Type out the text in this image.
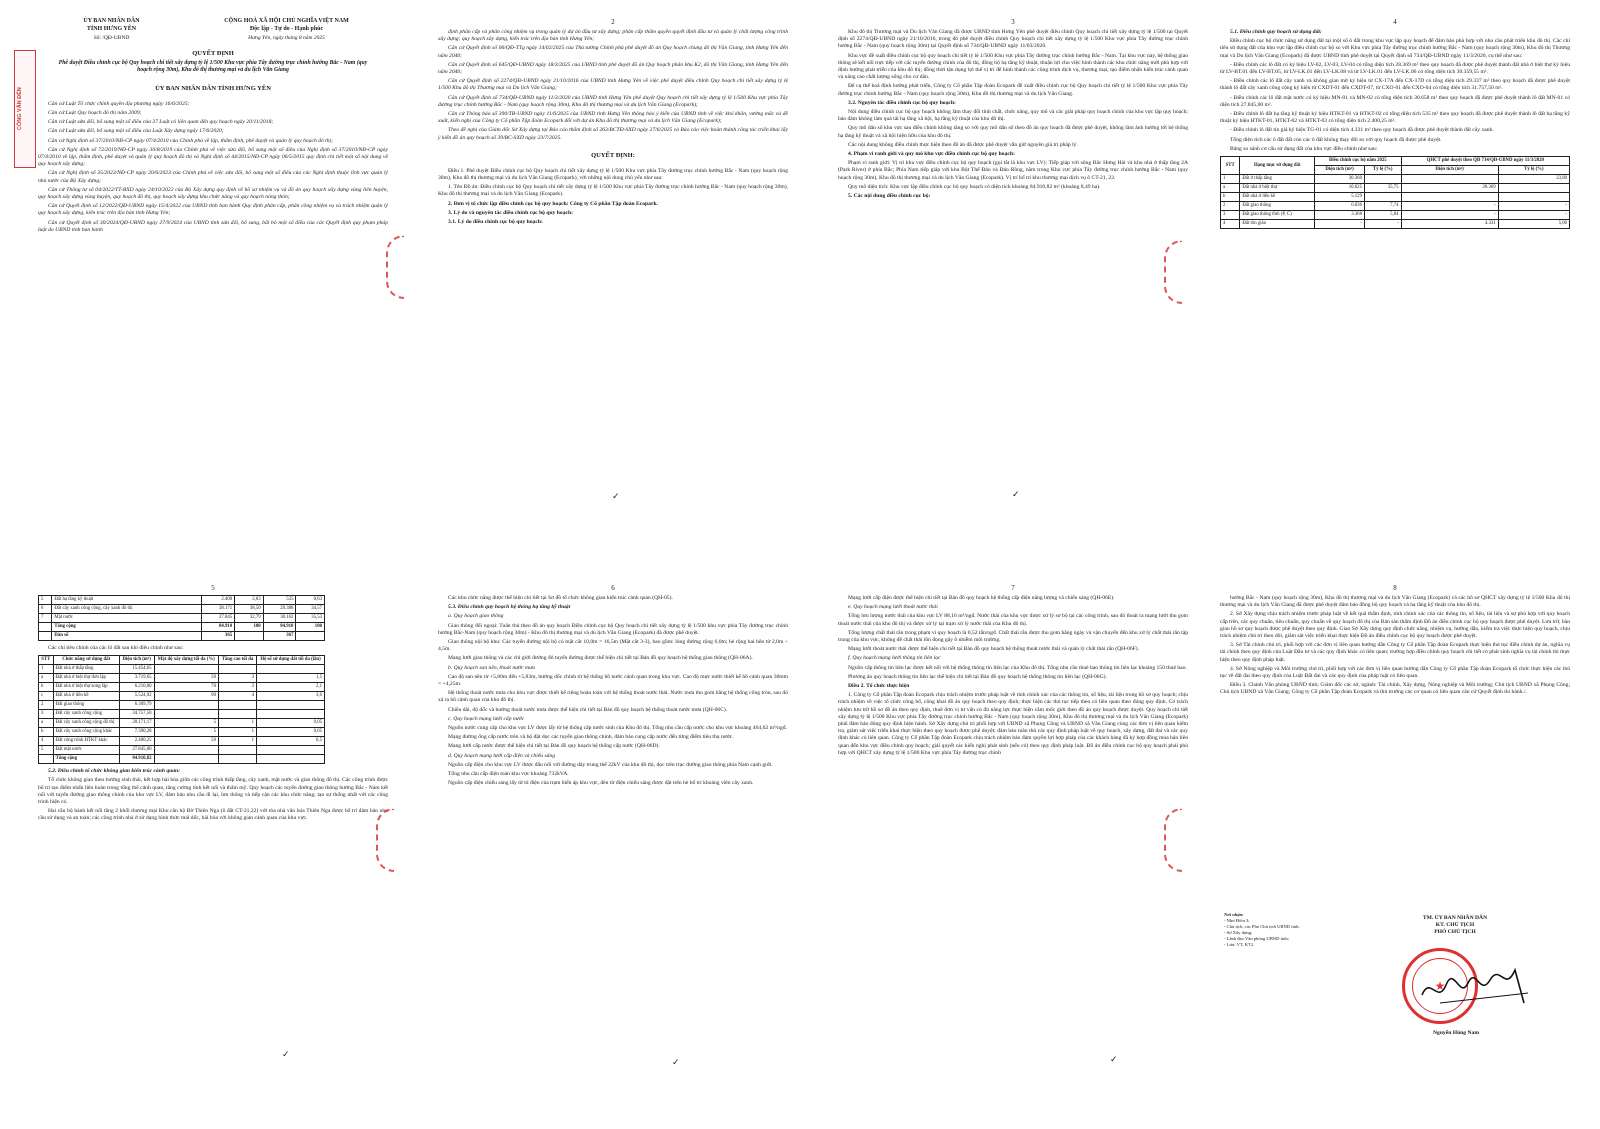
ỦY BAN NHÂN DÂN
TỈNH HƯNG YÊN
CỘNG HOÀ XÃ HỘI CHỦ NGHĨA VIỆT NAM
Độc lập - Tự do - Hạnh phúc
Số: /QĐ-UBND	Hưng Yên, ngày tháng 8 năm 2025
QUYẾT ĐỊNH
Phê duyệt Điều chỉnh cục bộ Quy hoạch chi tiết xây dựng tỷ lệ 1/500 Khu vực phía Tây đường trục chính hướng Bắc - Nam (quy hoạch rộng 30m), Khu đô thị thương mại và du lịch Văn Giang
ỦY BAN NHÂN DÂN TỈNH HƯNG YÊN

Căn cứ Luật Tổ chức chính quyền địa phương ngày 16/6/2025;

Căn cứ Luật Quy hoạch đô thị năm 2009;

Căn cứ Luật sửa đổi, bổ sung một số điều của 37 Luật có liên quan đến quy hoạch ngày 20/11/2018;

Căn cứ Luật sửa đổi, bổ sung một số điều của Luật Xây dựng ngày 17/6/2020;

Căn cứ Nghị định số 37/2010/NĐ-CP ngày 07/4/2010 của Chính phủ về lập, thẩm định, phê duyệt và quản lý quy hoạch đô thị;

Căn cứ Nghị định số 72/2019/NĐ-CP ngày 30/8/2019 của Chính phủ về việc sửa đổi, bổ sung một số điều của Nghị định số 37/2010/NĐ-CP ngày 07/4/2010 về lập, thẩm định, phê duyệt và quản lý quy hoạch đô thị và Nghị định số 44/2015/NĐ-CP ngày 06/5/2015 quy định chi tiết một số nội dung về quy hoạch xây dựng;

Căn cứ Nghị định số 35/2023/NĐ-CP ngày 20/6/2023 của Chính phủ về việc sửa đổi, bổ sung một số điều của các Nghị định thuộc lĩnh vực quản lý nhà nước của Bộ Xây dựng;

Căn cứ Thông tư số 04/2022/TT-BXD ngày 24/10/2022 của Bộ Xây dựng quy định về hồ sơ nhiệm vụ và đồ án quy hoạch xây dựng vùng liên huyện, quy hoạch xây dựng vùng huyện, quy hoạch đô thị, quy hoạch xây dựng khu chức năng và quy hoạch nông thôn;

Căn cứ Quyết định số 12/2022/QĐ-UBND ngày 15/4/2022 của UBND tỉnh ban hành Quy định phân cấp, phân công nhiệm vụ và trách nhiệm quản lý quy hoạch xây dựng, kiến trúc trên địa bàn tỉnh Hưng Yên;

Căn cứ Quyết định số 30/2024/QĐ-UBND ngày 27/9/2024 của UBND tỉnh sửa đổi, bổ sung, bãi bỏ một số điều của các Quyết định quy phạm pháp luật do UBND tỉnh ban hành

2

định phân cấp và phân công nhiệm vụ trong quản lý dự án đầu tư xây dựng; phân cấp thẩm quyền quyết định đầu tư và quản lý chất lượng công trình xây dựng; quy hoạch xây dựng, kiến trúc trên địa bàn tỉnh Hưng Yên;

Căn cứ Quyết định số 06/QĐ-TTg ngày 14/02/2025 của Thủ tướng Chính phủ phê duyệt đồ án Quy hoạch chung đô thị Văn Giang, tỉnh Hưng Yên đến năm 2040;

Căn cứ Quyết định số 645/QĐ-UBND ngày 18/3/2025 của UBND tỉnh phê duyệt đồ án Quy hoạch phân khu K2, đô thị Văn Giang, tỉnh Hưng Yên đến năm 2040;

Căn cứ Quyết định số 2274/QĐ-UBND ngày 21/10/2016 của UBND tỉnh Hưng Yên về việc phê duyệt điều chỉnh Quy hoạch chi tiết xây dựng tỷ lệ 1/500 Khu đô thị Thương mại và Du lịch Văn Giang;

Căn cứ Quyết định số 734/QĐ-UBND ngày 11/3/2020 của UBND tỉnh Hưng Yên phê duyệt Quy hoạch chi tiết xây dựng tỷ lệ 1/500 Khu vực phía Tây đường trục chính hướng Bắc - Nam (quy hoạch rộng 30m), Khu đô thị thương mại và du lịch Văn Giang (Ecopark);

Căn cứ Thông báo số 390/TB-UBND ngày 11/6/2025 của UBND tỉnh Hưng Yên thông báo ý kiến của UBND tỉnh về việc khó khăn, vướng mắc và đề xuất, kiến nghị của Công ty Cổ phần Tập đoàn Ecopark đối với dự án Khu đô thị thương mại và du lịch Văn Giang (Ecopark);

Theo đề nghị của Giám đốc Sở Xây dựng tại Báo cáo thẩm định số 263/BCTĐ-SXD ngày 27/6/2025 và Báo cáo việc hoàn thành công tác triển khai lấy ý kiến đồ án quy hoạch số 39/BC-SXD ngày 23/7/2025.

QUYẾT ĐỊNH:

Điều 1. Phê duyệt Điều chỉnh cục bộ Quy hoạch chi tiết xây dựng tỷ lệ 1/500 Khu vực phía Tây đường trục chính hướng Bắc - Nam (quy hoạch rộng 30m), Khu đô thị thương mại và du lịch Văn Giang (Ecopark), với những nội dung chủ yếu như sau:

1. Tên Đồ án: Điều chỉnh cục bộ Quy hoạch chi tiết xây dựng tỷ lệ 1/500 Khu vực phía Tây đường trục chính hướng Bắc - Nam (quy hoạch rộng 30m), Khu đô thị thương mại và du lịch Văn Giang (Ecopark).

2. Đơn vị tổ chức lập điều chỉnh cục bộ quy hoạch: Công ty Cổ phần Tập đoàn Ecopark.

3. Lý do và nguyên tắc điều chỉnh cục bộ quy hoạch:

3.1. Lý do điều chỉnh cục bộ quy hoạch:

3

Khu đô thị Thương mại và Du lịch Văn Giang đã được UBND tỉnh Hưng Yên phê duyệt điều chỉnh Quy hoạch chi tiết xây dựng tỷ lệ 1/500 tại Quyết định số 2274/QĐ-UBND ngày 21/10/2016, trong đó phê duyệt điều chỉnh Quy hoạch chi tiết xây dựng tỷ lệ 1/500 Khu vực phía Tây đường trục chính hướng Bắc - Nam (quy hoạch rộng 30m) tại Quyết định số 734/QĐ-UBND ngày 11/03/2020.

Khu vực đề xuất điều chỉnh cục bộ quy hoạch chi tiết tỷ lệ 1/500 Khu vực phía Tây đường trục chính hướng Bắc - Nam. Tại khu vực này, hệ thống giao thông sẽ kết nối trực tiếp với các tuyến đường chính của đô thị, đồng bộ hạ tầng kỹ thuật, thuận lợi cho việc hình thành các khu chức năng mới phù hợp với định hướng phát triển của khu đô thị; đồng thời tận dụng lợi thế vị trí để hình thành các công trình dịch vụ, thương mại, tạo điểm nhấn kiến trúc cảnh quan và nâng cao chất lượng sống cho cư dân.

Để cụ thể hoá định hướng phát triển, Công ty Cổ phần Tập đoàn Ecopark đề xuất điều chỉnh cục bộ Quy hoạch chi tiết tỷ lệ 1/500 Khu vực phía Tây đường trục chính hướng Bắc - Nam (quy hoạch rộng 30m), Khu đô thị thương mại và du lịch Văn Giang.

3.2. Nguyên tắc điều chỉnh cục bộ quy hoạch:

Nội dung điều chỉnh cục bộ quy hoạch không làm thay đổi tính chất, chức năng, quy mô và các giải pháp quy hoạch chính của khu vực lập quy hoạch; bảo đảm không làm quá tải hạ tầng xã hội, hạ tầng kỹ thuật của khu đô thị.

Quy mô dân số khu vực sau điều chỉnh không tăng so với quy mô dân số theo đồ án quy hoạch đã được phê duyệt, không làm ảnh hưởng tới hệ thống hạ tầng kỹ thuật và xã hội hiện hữu của khu đô thị.

Các nội dung không điều chỉnh thực hiện theo đồ án đã được phê duyệt vẫn giữ nguyên giá trị pháp lý.

4. Phạm vi ranh giới và quy mô khu vực điều chỉnh cục bộ quy hoạch:

Phạm vi ranh giới: Vị trí khu vực điều chỉnh cục bộ quy hoạch (gọi tắt là khu vực LV): Tiếp giáp với sông Bắc Hưng Hải và khu nhà ở thấp tầng 2A (Park River) ở phía Bắc; Phía Nam tiếp giáp với khu Bột Thế Đảo và Đảo Rồng, nằm trong Khu vực phía Tây đường trục chính hướng Bắc - Nam (quy hoạch rộng 30m), Khu đô thị thương mại và du lịch Văn Giang (Ecopark). Vị trí bố trí khu thương mại dịch vụ ô CT-21, 22.

Quy mô diện tích: Khu vực lập điều chỉnh cục bộ quy hoạch có diện tích khoảng 84.910,82 m² (khoảng 8,49 ha).

5. Các nội dung điều chỉnh cục bộ:

4

5.1. Điều chỉnh quy hoạch sử dụng đất:

Điều chỉnh cục bộ chức năng sử dụng đất tại một số ô đất trong khu vực lập quy hoạch để đảm bảo phù hợp với nhu cầu phát triển khu đô thị. Các chỉ tiêu sử dụng đất của khu vực lập điều chỉnh cục bộ so với Khu vực phía Tây đường trục chính hướng Bắc - Nam (quy hoạch rộng 30m), Khu đô thị Thương mại và Du lịch Văn Giang (Ecopark) đã được UBND tỉnh phê duyệt tại Quyết định số 734/QĐ-UBND ngày 11/3/2020, cụ thể như sau:

- Điều chỉnh các lô đất có ký hiệu LV-02, LV-03, LV-04 có tổng diện tích 28.369 m² theo quy hoạch đã được phê duyệt thành đất nhà ở biệt thự ký hiệu từ LV-BT.01 đến LV-BT.05, từ LV-LK.01 đến LV-LK.08 và từ LV-LK.01 đến LV-LK.06 có tổng diện tích 30.359,55 m².

- Điều chỉnh các lô đất cây xanh và không gian mở ký hiệu từ CX-17A đến CX-17D có tổng diện tích 29.337 m² theo quy hoạch đã được phê duyệt thành lô đất cây xanh công cộng ký hiệu từ CXDT-01 đến CXDT-07, từ CXO-01 đến CXO-04 có tổng diện tích 31.757,50 m².

- Điều chỉnh các lô đất mặt nước có ký hiệu MN-01 và MN-02 có tổng diện tích 30.658 m² theo quy hoạch đã được phê duyệt thành lô đất MN-01 có diện tích 27.845,00 m².

- Điều chỉnh lô đất hạ tầng kỹ thuật ký hiệu HTKT-01 và HTKT-02 có tổng diện tích 535 m² theo quy hoạch đã được phê duyệt thành lô đất hạ tầng kỹ thuật ký hiệu HTKT-01, HTKT-02 và HTKT-03 có tổng diện tích 2.400,25 m².

- Điều chỉnh lô đất tín giá ký hiệu TG-01 có diện tích 4.331 m² theo quy hoạch đã được phê duyệt thành đất cây xanh.

Tổng diện tích các ô đất đất còn các ô đất không thay đổi so với quy hoạch đã được phê duyệt.

Bảng so sánh cơ cấu sử dụng đất của khu vực điều chỉnh như sau:

STT	Hạng mục sử dụng đất	Điều chỉnh cục bộ năm 2025		QHCT phê duyệt theo QĐ 734/QĐ-UBND ngày 11/3/2020	
		Diện tích (m²)	Tỷ lệ (%)	Diện tích (m²)	Tỷ lệ (%)
1	Đất ở thấp tầng	30.360			23,80
a	Đất nhà ở biệt thự	10.025	35,75	28.369	
b	Đất nhà ở liền kề	5.129			
2	Đất giao thông	6.036	7,74	-	-
3	Đất giao thông tĩnh (P, C)	3.368	5,84	-	-
4	Đất tôn giáo	-	-	4.331	5,06
5
5	Đất hạ tầng kỹ thuật	2.400	2,83	535	0,63
6	Đất cây xanh công cộng, cây xanh đô thị	38.171	38,50	29.388	34,57
7	Mặt nước	27.845	32,79	30.162	35,53
	Tổng cộng	84.910	100	84.910	100
	Dân số	365		367	
Các chỉ tiêu chính của các lô đất sau khi điều chỉnh như sau:
STT	Chức năng sử dụng đất	Diện tích (m²)	Mật độ xây dựng tối đa (%)	Tầng cao tối đa	Hệ số sử dụng đất tối đa (lần)
1	Đất nhà ở thấp tầng	15.454,65			
a	Đất nhà ở biệt thự đơn lập	3.719,65	50	3	1,5
b	Đất nhà ở biệt thự song lập	6.210,00	70	3	2,1
c	Đất nhà ở liền kề	5.524,92	90	4	3,6
2	Đất giao thông	6.369,79			
3	Đất cây xanh công cộng	34.757,50			
a	Đất cây xanh công cộng đô thị	20.171,17	5	1	0,05
b	Đất cây xanh công cộng khác	7.390,28	5	1	0,05
4	Đất công trình HTKT khác	2.400,25	50	1	0,5
5	Đất mặt nước	27.845,00			
	Tổng cộng	84.910,82			

5.2. Điều chỉnh tổ chức không gian kiến trúc cảnh quan:

Tổ chức không gian theo hướng sinh thái, kết hợp hài hòa giữa các công trình thấp tầng, cây xanh, mặt nước và giao thông đô thị. Các công trình được bố trí tạo điểm nhấn liên hoàn trong tổng thể cảnh quan, tăng cường tính kết nối và thẩm mỹ. Quy hoạch các tuyến đường giao thông hướng Bắc - Nam kết nối với tuyến đường giao thông chính của khu vực LV, đảm bảo nhu cầu đi lại, lưu thông và tiếp cận các khu chức năng; tạo sự thống nhất với các công trình hiện có.

Hai cầu bộ hành kết nối tầng 2 khối thương mại Khu căn hộ Bờ Thiên Nga (ô đất CT-21,22) với tòa nhà văn hóa Thiên Nga được bố trí đảm bảo nhu cầu sử dụng và an toàn; các công trình nhà ở sử dụng hình thức mái dốc, hài hòa với không gian cảnh quan của khu vực.

6

Các khu chức năng được thể hiện chi tiết tại Sơ đồ tổ chức không gian kiến trúc cảnh quan (QH-05).

5.3. Điều chỉnh quy hoạch hệ thống hạ tầng kỹ thuật

a. Quy hoạch giao thông

Giao thông đối ngoại: Tuân thủ theo đồ án quy hoạch Điều chỉnh cục bộ Quy hoạch chi tiết xây dựng tỷ lệ 1/500 khu vực phía Tây đường trục chính hướng Bắc-Nam (quy hoạch rộng 30m) - Khu đô thị thương mại và du lịch Văn Giang (Ecopark) đã được phê duyệt.

Giao thông nội bộ khu: Các tuyến đường nội bộ có mặt cắt 10,0m = 16,5m (Mặt cắt 3-3), bao gồm: lòng đường rộng 6,0m; hè rộng hai bên từ 2,0m ÷ 4,5m.

Mạng lưới giao thông và các chỉ giới đường đỏ tuyến đường được thể hiện chi tiết tại Bản đồ quy hoạch hệ thống giao thông (QH-06A).

b. Quy hoạch san nền, thoát nước mưa

Cao độ san nền từ +5,80m đến +5,83m, hướng dốc chính từ hệ thống hồ nước cảnh quan trong khu vực. Cao độ mực nước thiết kế hồ cảnh quan 30mm = +4,25m.

Hệ thống thoát nước mưa cho khu vực được thiết kế riêng hoàn toàn với hệ thống thoát nước thải. Nước mưa thu gom bằng hệ thống cống tròn, sau đó xả ra hồ cảnh quan của khu đô thị.

Chiều dài, độ dốc và hướng thoát nước mưa được thể hiện chi tiết tại Bản đồ quy hoạch hệ thống thoát nước mưa (QH-06C).

c. Quy hoạch mạng lưới cấp nước

Nguồn nước cung cấp cho khu vực LV được lấy từ hệ thống cấp nước sinh của Khu đô thị. Tổng nhu cầu cấp nước cho khu vực khoảng 464,62 m³/ngđ.

Mạng đường ống cấp nước trên và bộ đặt dọc các tuyến giao thông chính, đảm bảo cung cấp nước đến từng điểm tiêu thụ nước.

Mạng lưới cấp nước được thể hiện chi tiết tại Bản đồ quy hoạch hệ thống cấp nước (QH-06D).

d. Quy hoạch mạng lưới cấp điện và chiếu sáng

Nguồn cấp điện cho khu vực LV được đấu nối với đường dây trung thế 22kV của khu đô thị, dọc trên trục đường giao thông phía Nam cạnh giới.

Tổng nhu cầu cấp điện toàn khu vực khoảng 732kVA.

Nguồn cấp điện chiếu sáng lấy từ tủ điện của trạm biến áp khu vực, đèn từ điện chiếu sáng được đặt trên hè bố trí khoảng viên cây xanh.

7

Mạng lưới cấp điện được thể hiện chi tiết tại Bản đồ quy hoạch hệ thống cấp điện năng lượng và chiếu sáng (QH-06E).

e. Quy hoạch mạng lưới thoát nước thải

Tổng lưu lượng nước thải của khu vực LV 88,16 m³/ngđ. Nước thải của khu vực được xử lý sơ bộ tại các công trình, sau đó thoát ra mạng lưới thu gom thoát nước thải của khu đô thị và được xử lý tại trạm xử lý nước thải của Khu đô thị.

Tổng lượng chất thải rắn trong phạm vi quy hoạch là 0,52 tấn/ngđ. Chất thải rắn được thu gom hằng ngày và vận chuyển đến khu xử lý chất thải rắn tập trung của khu vực, không để chất thải tồn đọng gây ô nhiễm môi trường.

Mạng lưới thoát nước thải được thể hiện chi tiết tại Bản đồ quy hoạch hệ thống thoát nước thải và quản lý chất thải rắn (QH-06F).

f. Quy hoạch mạng lưới thông tin liên lạc

Nguồn cấp thông tin liên lạc được kết nối với hệ thống thông tin liên lạc của Khu đô thị. Tổng nhu cầu thuê bao thông tin liên lạc khoảng 150 thuê bao.

Phương án quy hoạch thông tin liên lạc thể hiện chi tiết tại Bản đồ quy hoạch hệ thống thông tin liên lạc (QH-06G).

Điều 2. Tổ chức thực hiện

1. Công ty Cổ phần Tập đoàn Ecopark chịu trách nhiệm trước pháp luật về tính chính xác của các thông tin, số liệu, tài liệu trong hồ sơ quy hoạch; chịu trách nhiệm về việc tổ chức công bố, công khai đồ án quy hoạch theo quy định; thực hiện các thủ tục tiếp theo có liên quan theo đúng quy định. Có trách nhiệm lưu trữ hồ sơ đồ án theo quy định, thuê đơn vị tư vấn có đủ năng lực thực hiện cắm mốc giới theo đồ án quy hoạch được duyệt. Quy hoạch chi tiết xây dựng tỷ lệ 1/500 Khu vực phía Tây đường trục chính hướng Bắc - Nam (quy hoạch rộng 30m), Khu đô thị thương mại và du lịch Văn Giang (Ecopark) phải đảm bảo đúng quy định hiện hành. Sở Xây dựng chủ trì phối hợp với UBND xã Phụng Công và UBND xã Văn Giang cùng các đơn vị liên quan kiểm tra, giám sát việc triển khai thực hiện theo quy hoạch được phê duyệt; đảm bảo tuân thủ các quy định pháp luật về quy hoạch, xây dựng, đất đai và các quy định khác có liên quan. Công ty Cổ phần Tập đoàn Ecopark chịu trách nhiệm bảo đảm quyền lợi hợp pháp của các khách hàng đã ký hợp đồng mua bán liên quan đến khu vực điều chỉnh quy hoạch; giải quyết các kiến nghị phát sinh (nếu có) theo quy định pháp luật. Đồ án điều chỉnh cục bộ quy hoạch phải phù hợp với QHCT xây dựng tỷ lệ 1/500 Khu vực phía Tây đường trục chính

8

hướng Bắc - Nam (quy hoạch rộng 30m), Khu đô thị thương mại và du lịch Văn Giang (Ecopark) và các hồ sơ QHCT xây dựng tỷ lệ 1/500 Khu đô thị thương mại và du lịch Văn Giang đã được phê duyệt đảm bảo đồng bộ quy hoạch và hạ tầng kỹ thuật của khu đô thị.

2. Sở Xây dựng chịu trách nhiệm trước pháp luật về kết quả thẩm định, tính chính xác của các thông tin, số liệu, tài liệu và sự phù hợp với quy hoạch cấp trên, các quy chuẩn, tiêu chuẩn, quy chuẩn về quy hoạch đô thị của Bản sản thẩm định Đồ án điều chỉnh cục bộ quy hoạch được phê duyệt. Lưu trữ, bàn giao hồ sơ quy hoạch được phê duyệt theo quy định. Giao Sở Xây dựng quy định chức năng, nhiệm vụ, hướng dẫn, kiểm tra việc thực hiện quy hoạch, chịu trách nhiệm chủ trì theo dõi, giám sát việc triển khai thực hiện Đồ án điều chỉnh cục bộ quy hoạch được phê duyệt.

3. Sở Tài chính chủ trì, phối hợp với các đơn vị liên quan hướng dẫn Công ty Cổ phần Tập đoàn Ecopark thực hiện thủ tục điều chỉnh dự án, nghĩa vụ tài chính theo quy định của Luật Đầu tư và các quy định khác có liên quan; trường hợp điều chỉnh quy hoạch chi tiết có phát sinh nghĩa vụ tài chính thì thực hiện theo quy định pháp luật.

4. Sở Nông nghiệp và Môi trường chủ trì, phối hợp với các đơn vị liên quan hướng dẫn Công ty Cổ phần Tập đoàn Ecopark tổ chức thực hiện các thủ tục về đất đai theo quy định của Luật Đất đai và các quy định của pháp luật có liên quan.

Điều 3. Chánh Văn phòng UBND tỉnh; Giám đốc các sở, ngành: Tài chính, Xây dựng, Nông nghiệp và Môi trường; Chủ tịch UBND xã Phụng Công; Chủ tịch UBND xã Văn Giang; Công ty Cổ phần Tập đoàn Ecopark và thủ trưởng các cơ quan có liên quan căn cứ Quyết định thi hành./.

Nơi nhận:
- Như Điều 3;
- Chủ tịch, các Phó Chủ tịch UBND tỉnh;
- Sở Xây dựng;
- Lãnh đạo Văn phòng UBND tỉnh;
- Lưu: VT, KT2.
TM. ỦY BAN NHÂN DÂN
KT. CHỦ TỊCH
PHÓ CHỦ TỊCH
★
Nguyễn Hùng Nam
CÔNG VĂN ĐẾN
✓	✓
✓
✓	✓
